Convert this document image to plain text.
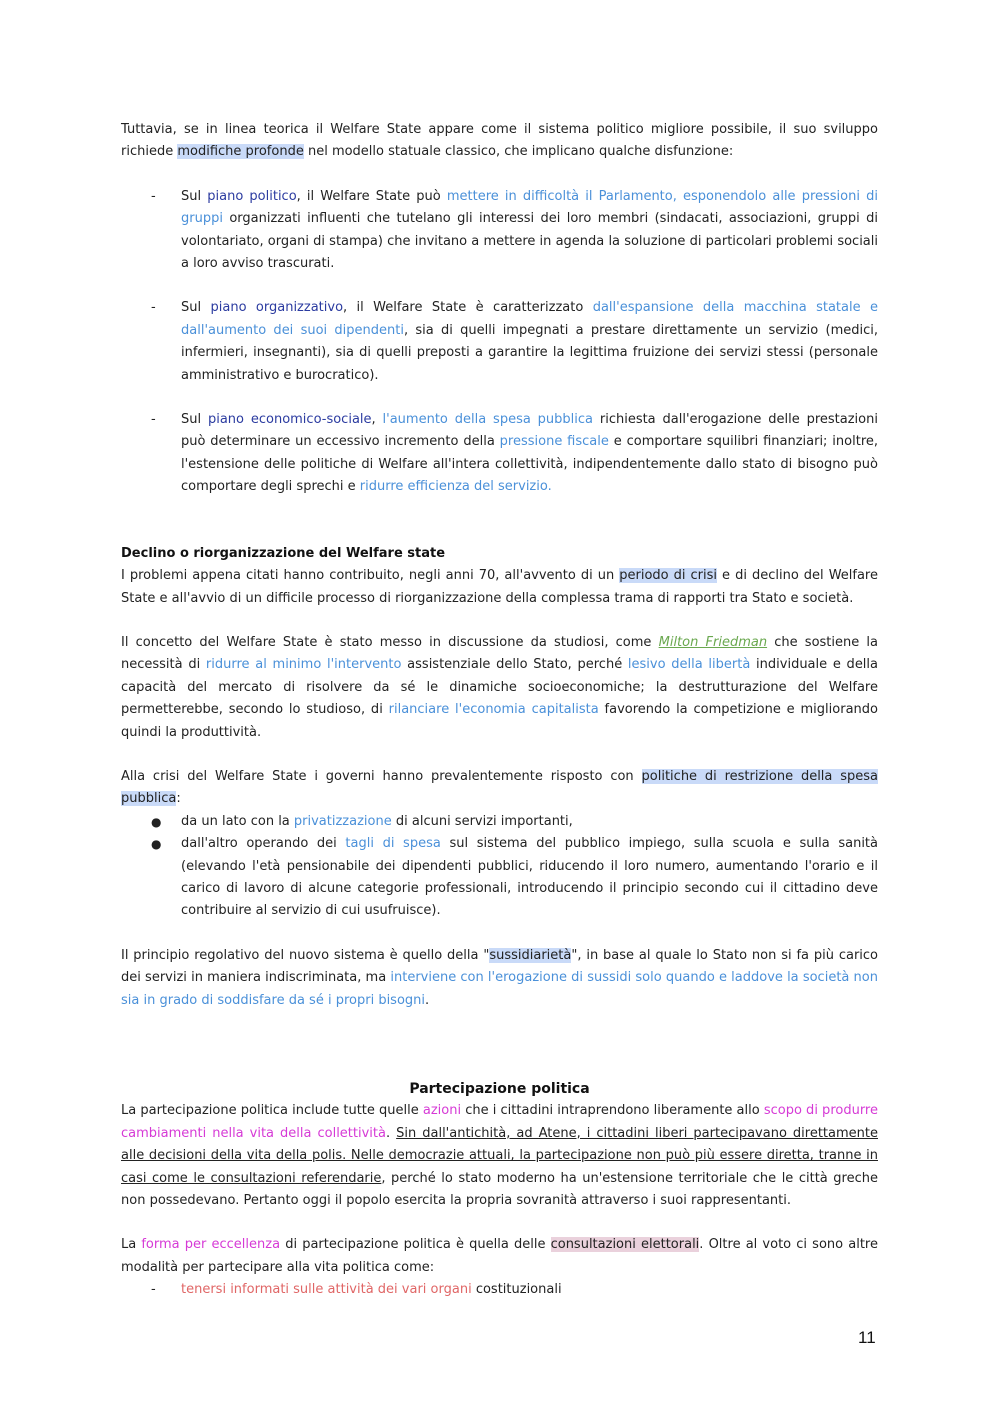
Tuttavia, se in linea teorica il Welfare State appare come il sistema politico migliore possibile, il suo sviluppo richiede modifiche profonde nel modello statuale classico, che implicano qualche disfunzione:

- Sul piano politico, il Welfare State può mettere in difficoltà il Parlamento, esponendolo alle pressioni di gruppi organizzati influenti che tutelano gli interessi dei loro membri (sindacati, associazioni, gruppi di volontariato, organi di stampa) che invitano a mettere in agenda la soluzione di particolari problemi sociali a loro avviso trascurati.
- Sul piano organizzativo, il Welfare State è caratterizzato dall'espansione della macchina statale e dall'aumento dei suoi dipendenti, sia di quelli impegnati a prestare direttamente un servizio (medici, infermieri, insegnanti), sia di quelli preposti a garantire la legittima fruizione dei servizi stessi (personale amministrativo e burocratico).
- Sul piano economico-sociale, l'aumento della spesa pubblica richiesta dall'erogazione delle prestazioni può determinare un eccessivo incremento della pressione fiscale e comportare squilibri finanziari; inoltre, l'estensione delle politiche di Welfare all'intera collettività, indipendentemente dallo stato di bisogno può comportare degli sprechi e ridurre efficienza del servizio.
Declino o riorganizzazione del Welfare state

I problemi appena citati hanno contribuito, negli anni 70, all'avvento di un periodo di crisi e di declino del Welfare State e all'avvio di un difficile processo di riorganizzazione della complessa trama di rapporti tra Stato e società.

Il concetto del Welfare State è stato messo in discussione da studiosi, come Milton Friedman che sostiene la necessità di ridurre al minimo l'intervento assistenziale dello Stato, perché lesivo della libertà individuale e della capacità del mercato di risolvere da sé le dinamiche socioeconomiche; la destrutturazione del Welfare permetterebbe, secondo lo studioso, di rilanciare l'economia capitalista favorendo la competizione e migliorando quindi la produttività.

Alla crisi del Welfare State i governi hanno prevalentemente risposto con politiche di restrizione della spesa pubblica:

● da un lato con la privatizzazione di alcuni servizi importanti,
● dall'altro operando dei tagli di spesa sul sistema del pubblico impiego, sulla scuola e sulla sanità (elevando l'età pensionabile dei dipendenti pubblici, riducendo il loro numero, aumentando l'orario e il carico di lavoro di alcune categorie professionali, introducendo il principio secondo cui il cittadino deve contribuire al servizio di cui usufruisce).

Il principio regolativo del nuovo sistema è quello della "sussidiarietà", in base al quale lo Stato non si fa più carico dei servizi in maniera indiscriminata, ma interviene con l'erogazione di sussidi solo quando e laddove la società non sia in grado di soddisfare da sé i propri bisogni.

Partecipazione politica

La partecipazione politica include tutte quelle azioni che i cittadini intraprendono liberamente allo scopo di produrre cambiamenti nella vita della collettività. Sin dall'antichità, ad Atene, i cittadini liberi partecipavano direttamente alle decisioni della vita della polis. Nelle democrazie attuali, la partecipazione non può più essere diretta, tranne in casi come le consultazioni referendarie, perché lo stato moderno ha un'estensione territoriale che le città greche non possedevano. Pertanto oggi il popolo esercita la propria sovranità attraverso i suoi rappresentanti.

La forma per eccellenza di partecipazione politica è quella delle consultazioni elettorali. Oltre al voto ci sono altre modalità per partecipare alla vita politica come:

- tenersi informati sulle attività dei vari organi costituzionali
11
